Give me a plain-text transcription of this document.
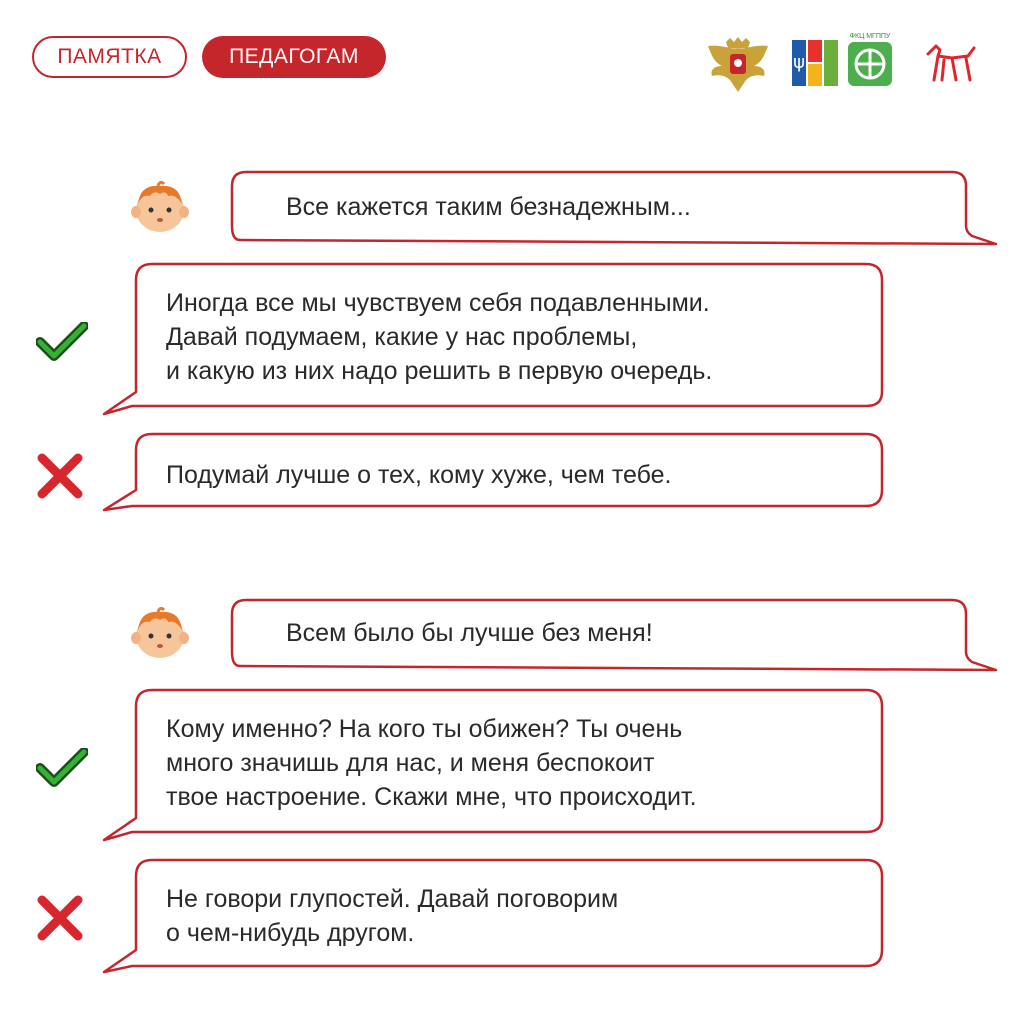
ПАМЯТКА	ПЕДАГОГАМ	ψ
ФКЦ МГППУ
Все кажется таким безнадежным...
Иногда все мы чувствуем себя подавленными.
Давай подумаем, какие у нас проблемы,
и какую из них надо решить в первую очередь.
Подумай лучше о тех, кому хуже, чем тебе.
Всем было бы лучше без меня!
Кому именно? На кого ты обижен? Ты очень
много значишь для нас, и меня беспокоит
твое настроение. Скажи мне, что происходит.
Не говори глупостей. Давай поговорим
о чем-нибудь другом.
